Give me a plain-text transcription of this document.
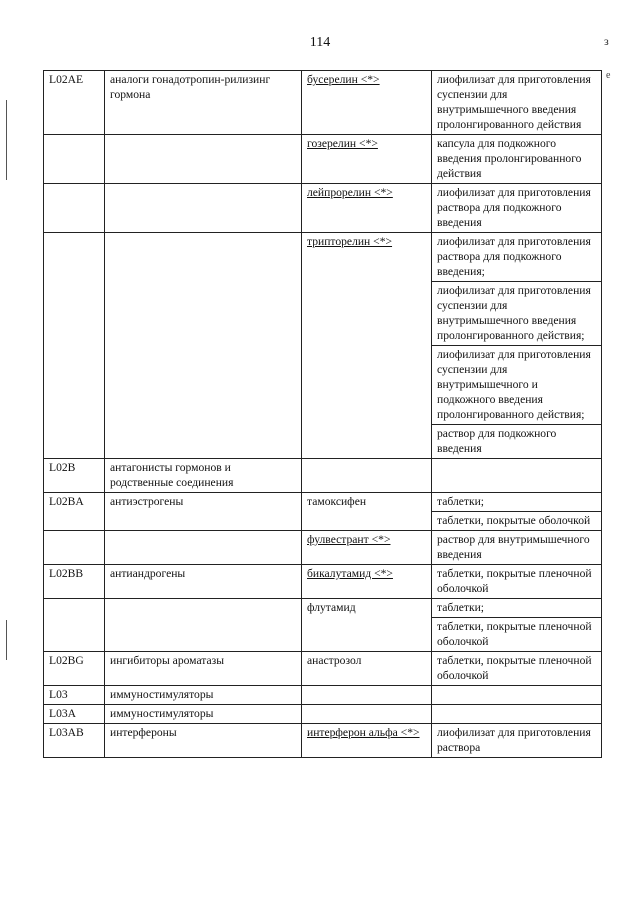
114	з
е
L02AE	аналоги гонадотропин-рилизинг гормона	бусерелин <*>	лиофилизат для приготовления суспензии для внутримышечного введения пролонгированного действия
		гозерелин <*>	капсула для подкожного введения пролонгированного действия
		лейпрорелин <*>	лиофилизат для приготовления раствора для подкожного введения
		трипторелин <*>	лиофилизат для приготовления раствора для подкожного введения;
			лиофилизат для приготовления суспензии для внутримышечного введения пролонгированного действия;
			лиофилизат для приготовления суспензии для внутримышечного и подкожного введения пролонгированного действия;
			раствор для подкожного введения
L02B	антагонисты гормонов и родственные соединения		
L02BA	антиэстрогены	тамоксифен	таблетки;
			таблетки, покрытые оболочкой
		фулвестрант <*>	раствор для внутримышечного введения
L02BB	антиандрогены	бикалутамид <*>	таблетки, покрытые пленочной оболочкой
		флутамид	таблетки;
			таблетки, покрытые пленочной оболочкой
L02BG	ингибиторы ароматазы	анастрозол	таблетки, покрытые пленочной оболочкой
L03	иммуностимуляторы		
L03A	иммуностимуляторы		
L03AB	интерфероны	интерферон альфа <*>	лиофилизат для приготовления раствора
